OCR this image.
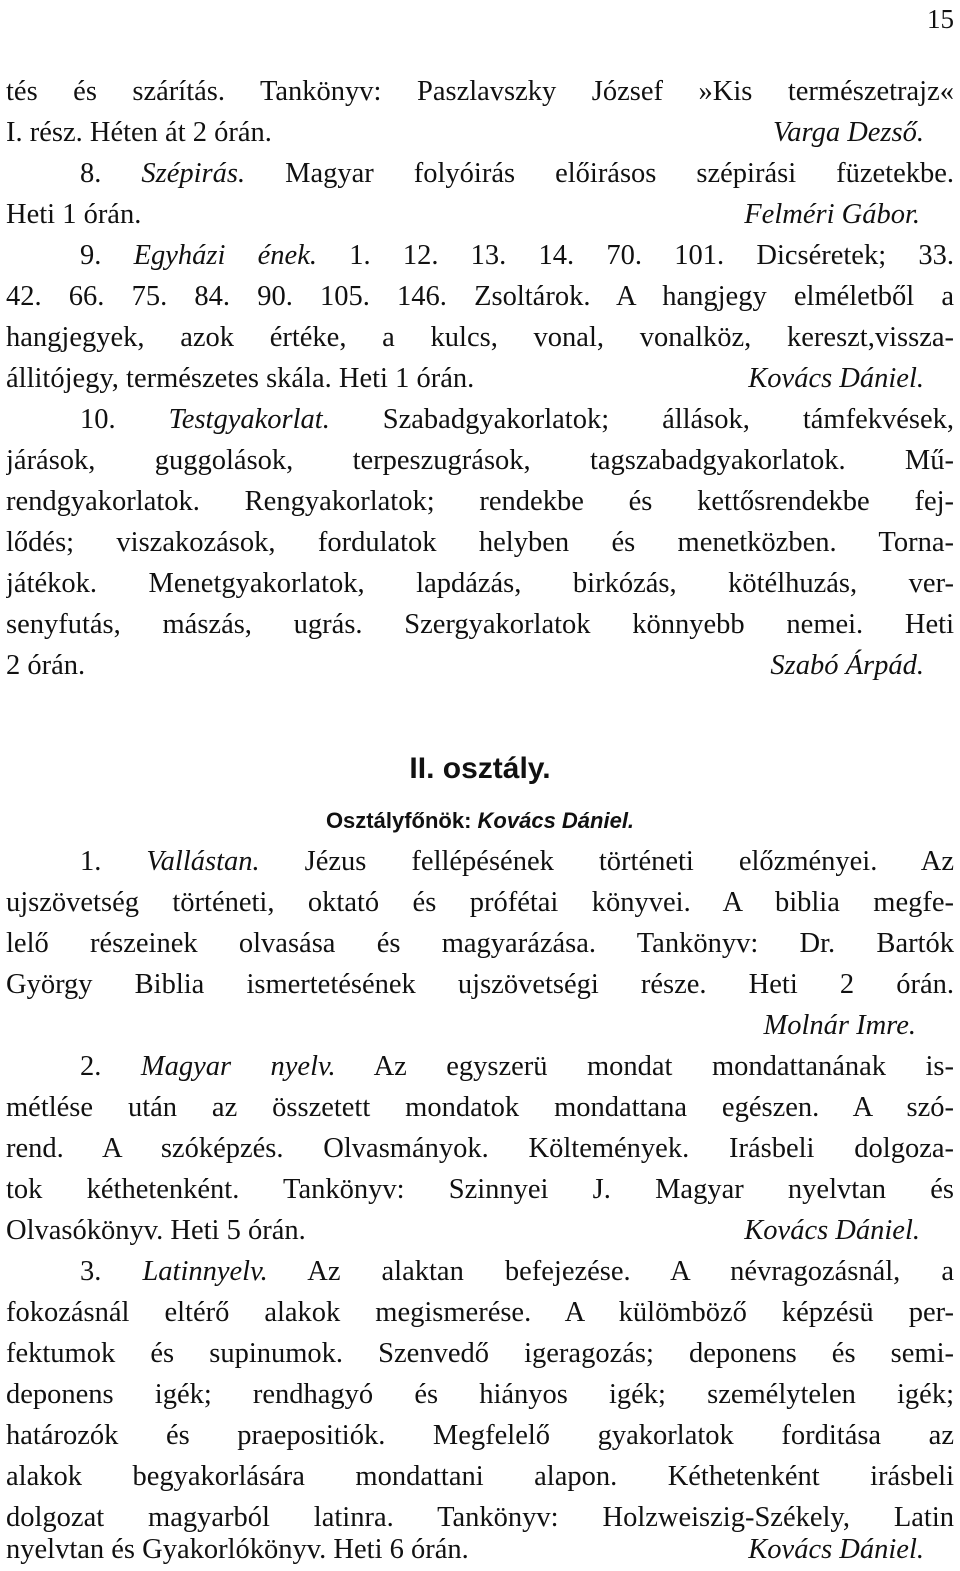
15
tés és szárítás. Tankönyv: Paszlavszky József »Kis természetrajz«
I. rész. Héten át 2 órán.	Varga Dezső.
8. Szépirás. Magyar folyóirás előirásos szépirási füzetekbe.
Heti 1 órán.	Felméri Gábor.
9. Egyházi ének. 1. 12. 13. 14. 70. 101. Dicséretek; 33.
42. 66. 75. 84. 90. 105. 146. Zsoltárok. A hangjegy elméletből a
hangjegyek, azok értéke, a kulcs, vonal, vonalköz, kereszt,vissza-
állitójegy, természetes skála. Heti 1 órán.	Kovács Dániel.
10. Testgyakorlat. Szabadgyakorlatok; állások, támfekvések,
járások, guggolások, terpeszugrások, tagszabadgyakorlatok. Mű-
rendgyakorlatok. Rengyakorlatok; rendekbe és kettősrendekbe fej-
lődés; viszakozások, fordulatok helyben és menetközben. Torna-
játékok. Menetgyakorlatok, lapdázás, birkózás, kötélhuzás, ver-
senyfutás, mászás, ugrás. Szergyakorlatok könnyebb nemei. Heti
2 órán.	Szabó Árpád.
II. osztály.
Osztályfőnök: Kovács Dániel.
1. Vallástan. Jézus fellépésének történeti előzményei. Az
ujszövetség történeti, oktató és prófétai könyvei. A biblia megfe-
lelő részeinek olvasása és magyarázása. Tankönyv: Dr. Bartók
György Biblia ismertetésének ujszövetségi része. Heti 2 órán.
Molnár Imre.
2. Magyar nyelv. Az egyszerü mondat mondattanának is-
métlése után az összetett mondatok mondattana egészen. A szó-
rend. A szóképzés. Olvasmányok. Költemények. Irásbeli dolgoza-
tok kéthetenként. Tankönyv: Szinnyei J. Magyar nyelvtan és
Olvasókönyv. Heti 5 órán.	Kovács Dániel.
3. Latinnyelv. Az alaktan befejezése. A névragozásnál, a
fokozásnál eltérő alakok megismerése. A külömböző képzésü per-
fektumok és supinumok. Szenvedő igeragozás; deponens és semi-
deponens igék; rendhagyó és hiányos igék; személytelen igék;
határozók és praepositiók. Megfelelő gyakorlatok forditása az
alakok begyakorlására mondattani alapon. Kéthetenként irásbeli
dolgozat magyarból latinra. Tankönyv: Holzweiszig-Székely, Latin
nyelvtan és Gyakorlókönyv. Heti 6 órán.	Kovács Dániel.
